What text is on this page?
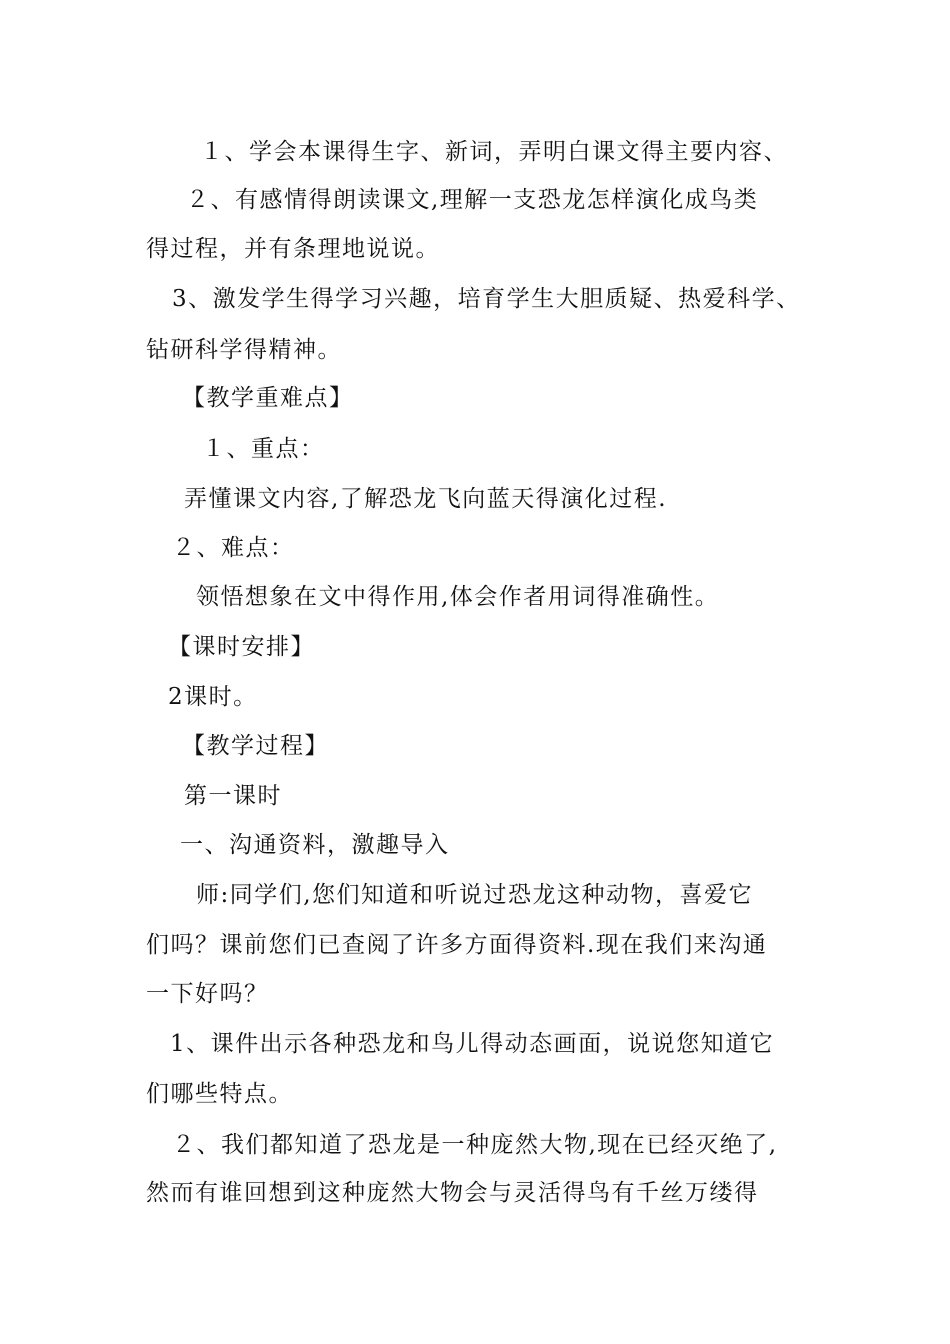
１、学会本课得生字、新词，弄明白课文得主要内容、
２、有感情得朗读课文,理解一支恐龙怎样演化成鸟类
得过程，并有条理地说说。
3、激发学生得学习兴趣，培育学生大胆质疑、热爱科学、
钻研科学得精神。
【教学重难点】
１、重点：
弄懂课文内容,了解恐龙飞向蓝天得演化过程.
２、难点：
领悟想象在文中得作用,体会作者用词得准确性。
【课时安排】
2课时。
【教学过程】
第一课时
一、沟通资料，激趣导入
师:同学们,您们知道和听说过恐龙这种动物，喜爱它
们吗？课前您们已查阅了许多方面得资料.现在我们来沟通
一下好吗？
1、课件出示各种恐龙和鸟儿得动态画面，说说您知道它
们哪些特点。
２、我们都知道了恐龙是一种庞然大物,现在已经灭绝了,
然而有谁回想到这种庞然大物会与灵活得鸟有千丝万缕得
